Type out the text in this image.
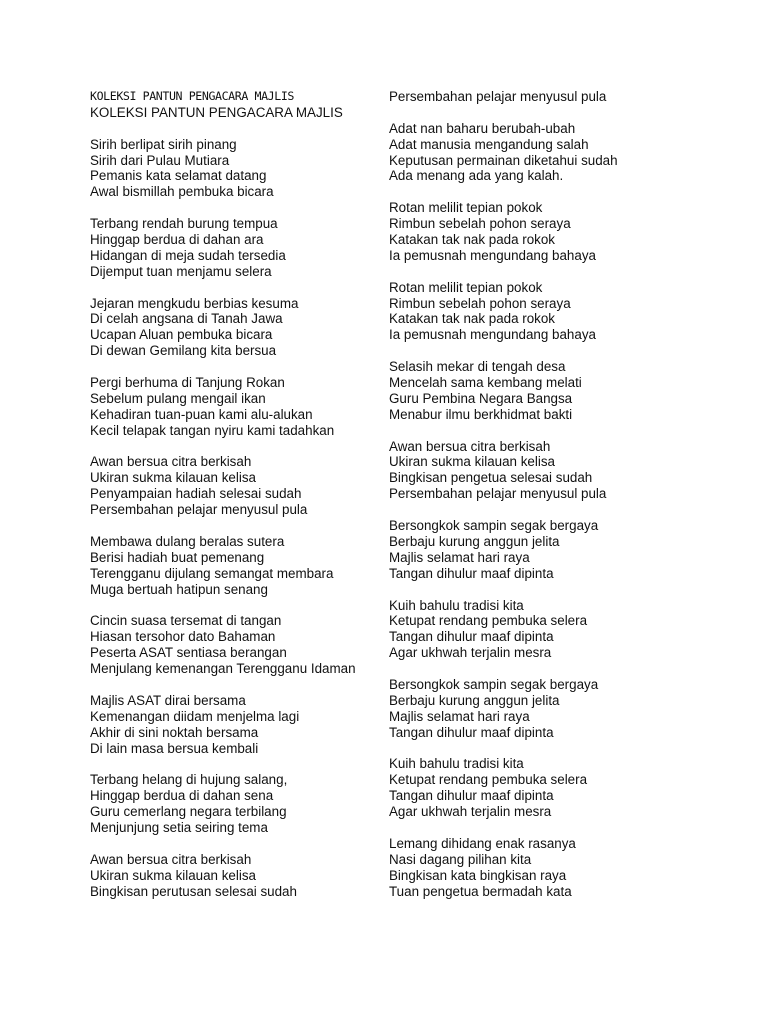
KOLEKSI PANTUN PENGACARA MAJLIS
KOLEKSI PANTUN PENGACARA MAJLIS
Sirih berlipat sirih pinang
Sirih dari Pulau Mutiara
Pemanis kata selamat datang
Awal bismillah pembuka bicara
Terbang rendah burung tempua
Hinggap berdua di dahan ara
Hidangan di meja sudah tersedia
Dijemput tuan menjamu selera
Jejaran mengkudu berbias kesuma
Di celah angsana di Tanah Jawa
Ucapan Aluan pembuka bicara
Di dewan Gemilang kita bersua
Pergi berhuma di Tanjung Rokan
Sebelum pulang mengail ikan
Kehadiran tuan-puan kami alu-alukan
Kecil telapak tangan nyiru kami tadahkan
Awan bersua citra berkisah
Ukiran sukma kilauan kelisa
Penyampaian hadiah selesai sudah
Persembahan pelajar menyusul pula
Membawa dulang beralas sutera
Berisi hadiah buat pemenang
Terengganu dijulang semangat membara
Muga bertuah hatipun senang
Cincin suasa tersemat di tangan
Hiasan tersohor dato Bahaman
Peserta ASAT sentiasa berangan
Menjulang kemenangan Terengganu Idaman
Majlis ASAT dirai bersama
Kemenangan diidam menjelma lagi
Akhir di sini noktah bersama
Di lain masa bersua kembali
Terbang helang di hujung salang,
Hinggap berdua di dahan sena
Guru cemerlang negara terbilang
Menjunjung setia seiring tema
Awan bersua citra berkisah
Ukiran sukma kilauan kelisa
Bingkisan perutusan selesai sudah
Persembahan pelajar menyusul pula
Adat nan baharu berubah-ubah
Adat manusia mengandung salah
Keputusan permainan diketahui sudah
Ada menang ada yang kalah.
Rotan melilit tepian pokok
Rimbun sebelah pohon seraya
Katakan tak nak pada rokok
Ia pemusnah mengundang bahaya
Rotan melilit tepian pokok
Rimbun sebelah pohon seraya
Katakan tak nak pada rokok
Ia pemusnah mengundang bahaya
Selasih mekar di tengah desa
Mencelah sama kembang melati
Guru Pembina Negara Bangsa
Menabur ilmu berkhidmat bakti
Awan bersua citra berkisah
Ukiran sukma kilauan kelisa
Bingkisan pengetua selesai sudah
Persembahan pelajar menyusul pula
Bersongkok sampin segak bergaya
Berbaju kurung anggun jelita
Majlis selamat hari raya
Tangan dihulur maaf dipinta
Kuih bahulu tradisi kita
Ketupat rendang pembuka selera
Tangan dihulur maaf dipinta
Agar ukhwah terjalin mesra
Bersongkok sampin segak bergaya
Berbaju kurung anggun jelita
Majlis selamat hari raya
Tangan dihulur maaf dipinta
Kuih bahulu tradisi kita
Ketupat rendang pembuka selera
Tangan dihulur maaf dipinta
Agar ukhwah terjalin mesra
Lemang dihidang enak rasanya
Nasi dagang pilihan kita
Bingkisan kata bingkisan raya
Tuan pengetua bermadah kata
